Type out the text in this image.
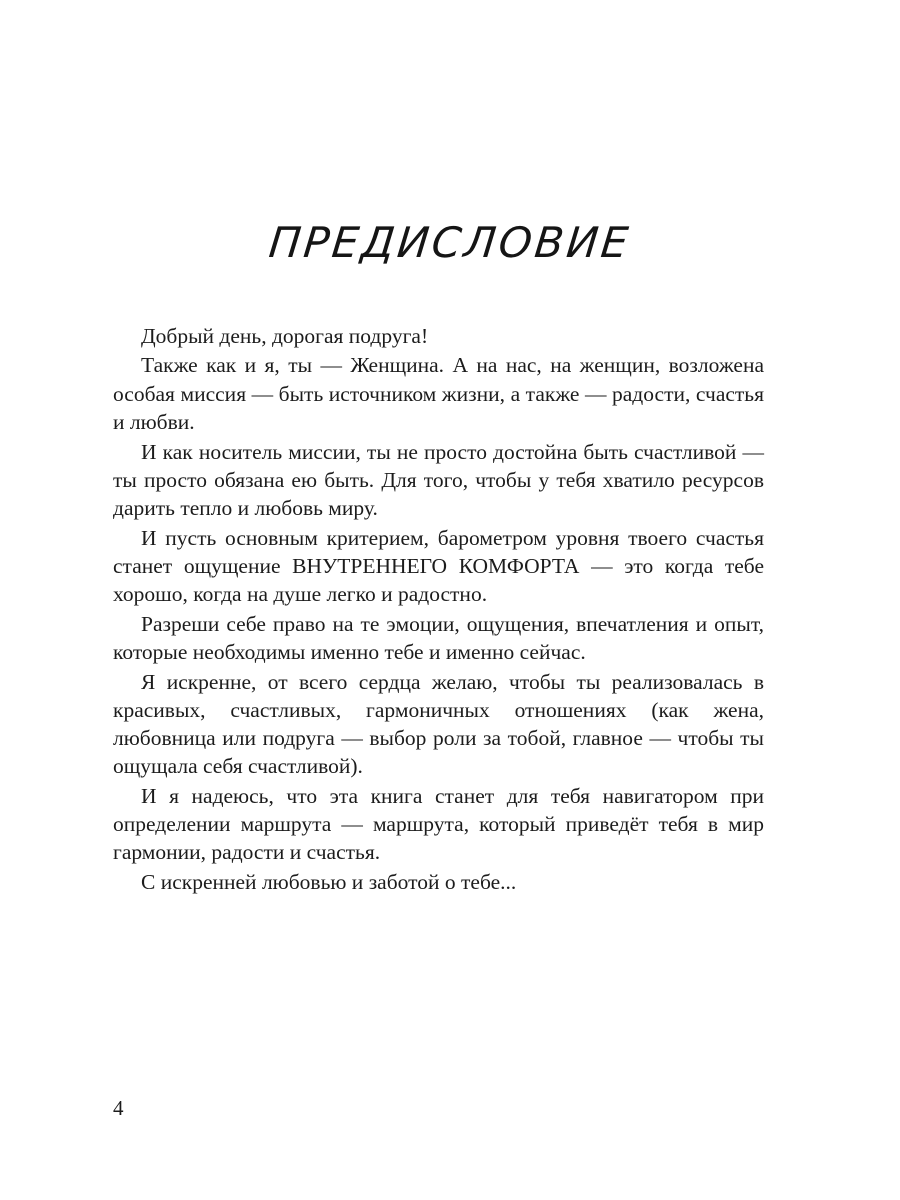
ПРЕДИСЛОВИЕ

Добрый день, дорогая подруга!

Также как и я, ты — Женщина. А на нас, на женщин, возложена особая миссия — быть источником жизни, а также — радости, счастья и любви.

И как носитель миссии, ты не просто достойна быть счастливой — ты просто обязана ею быть. Для того, чтобы у тебя хватило ресурсов дарить тепло и любовь миру.

И пусть основным критерием, барометром уровня твоего счастья станет ощущение ВНУТРЕННЕГО КОМФОРТА — это когда тебе хорошо, когда на душе легко и радостно.

Разреши себе право на те эмоции, ощущения, впечатления и опыт, которые необходимы именно тебе и именно сейчас.

Я искренне, от всего сердца желаю, чтобы ты реализовалась в красивых, счастливых, гармоничных отношениях (как жена, любовница или подруга — выбор роли за тобой, главное — чтобы ты ощущала себя счастливой).

И я надеюсь, что эта книга станет для тебя навигатором при определении маршрута — маршрута, который приведёт тебя в мир гармонии, радости и счастья.

С искренней любовью и заботой о тебе...

4
